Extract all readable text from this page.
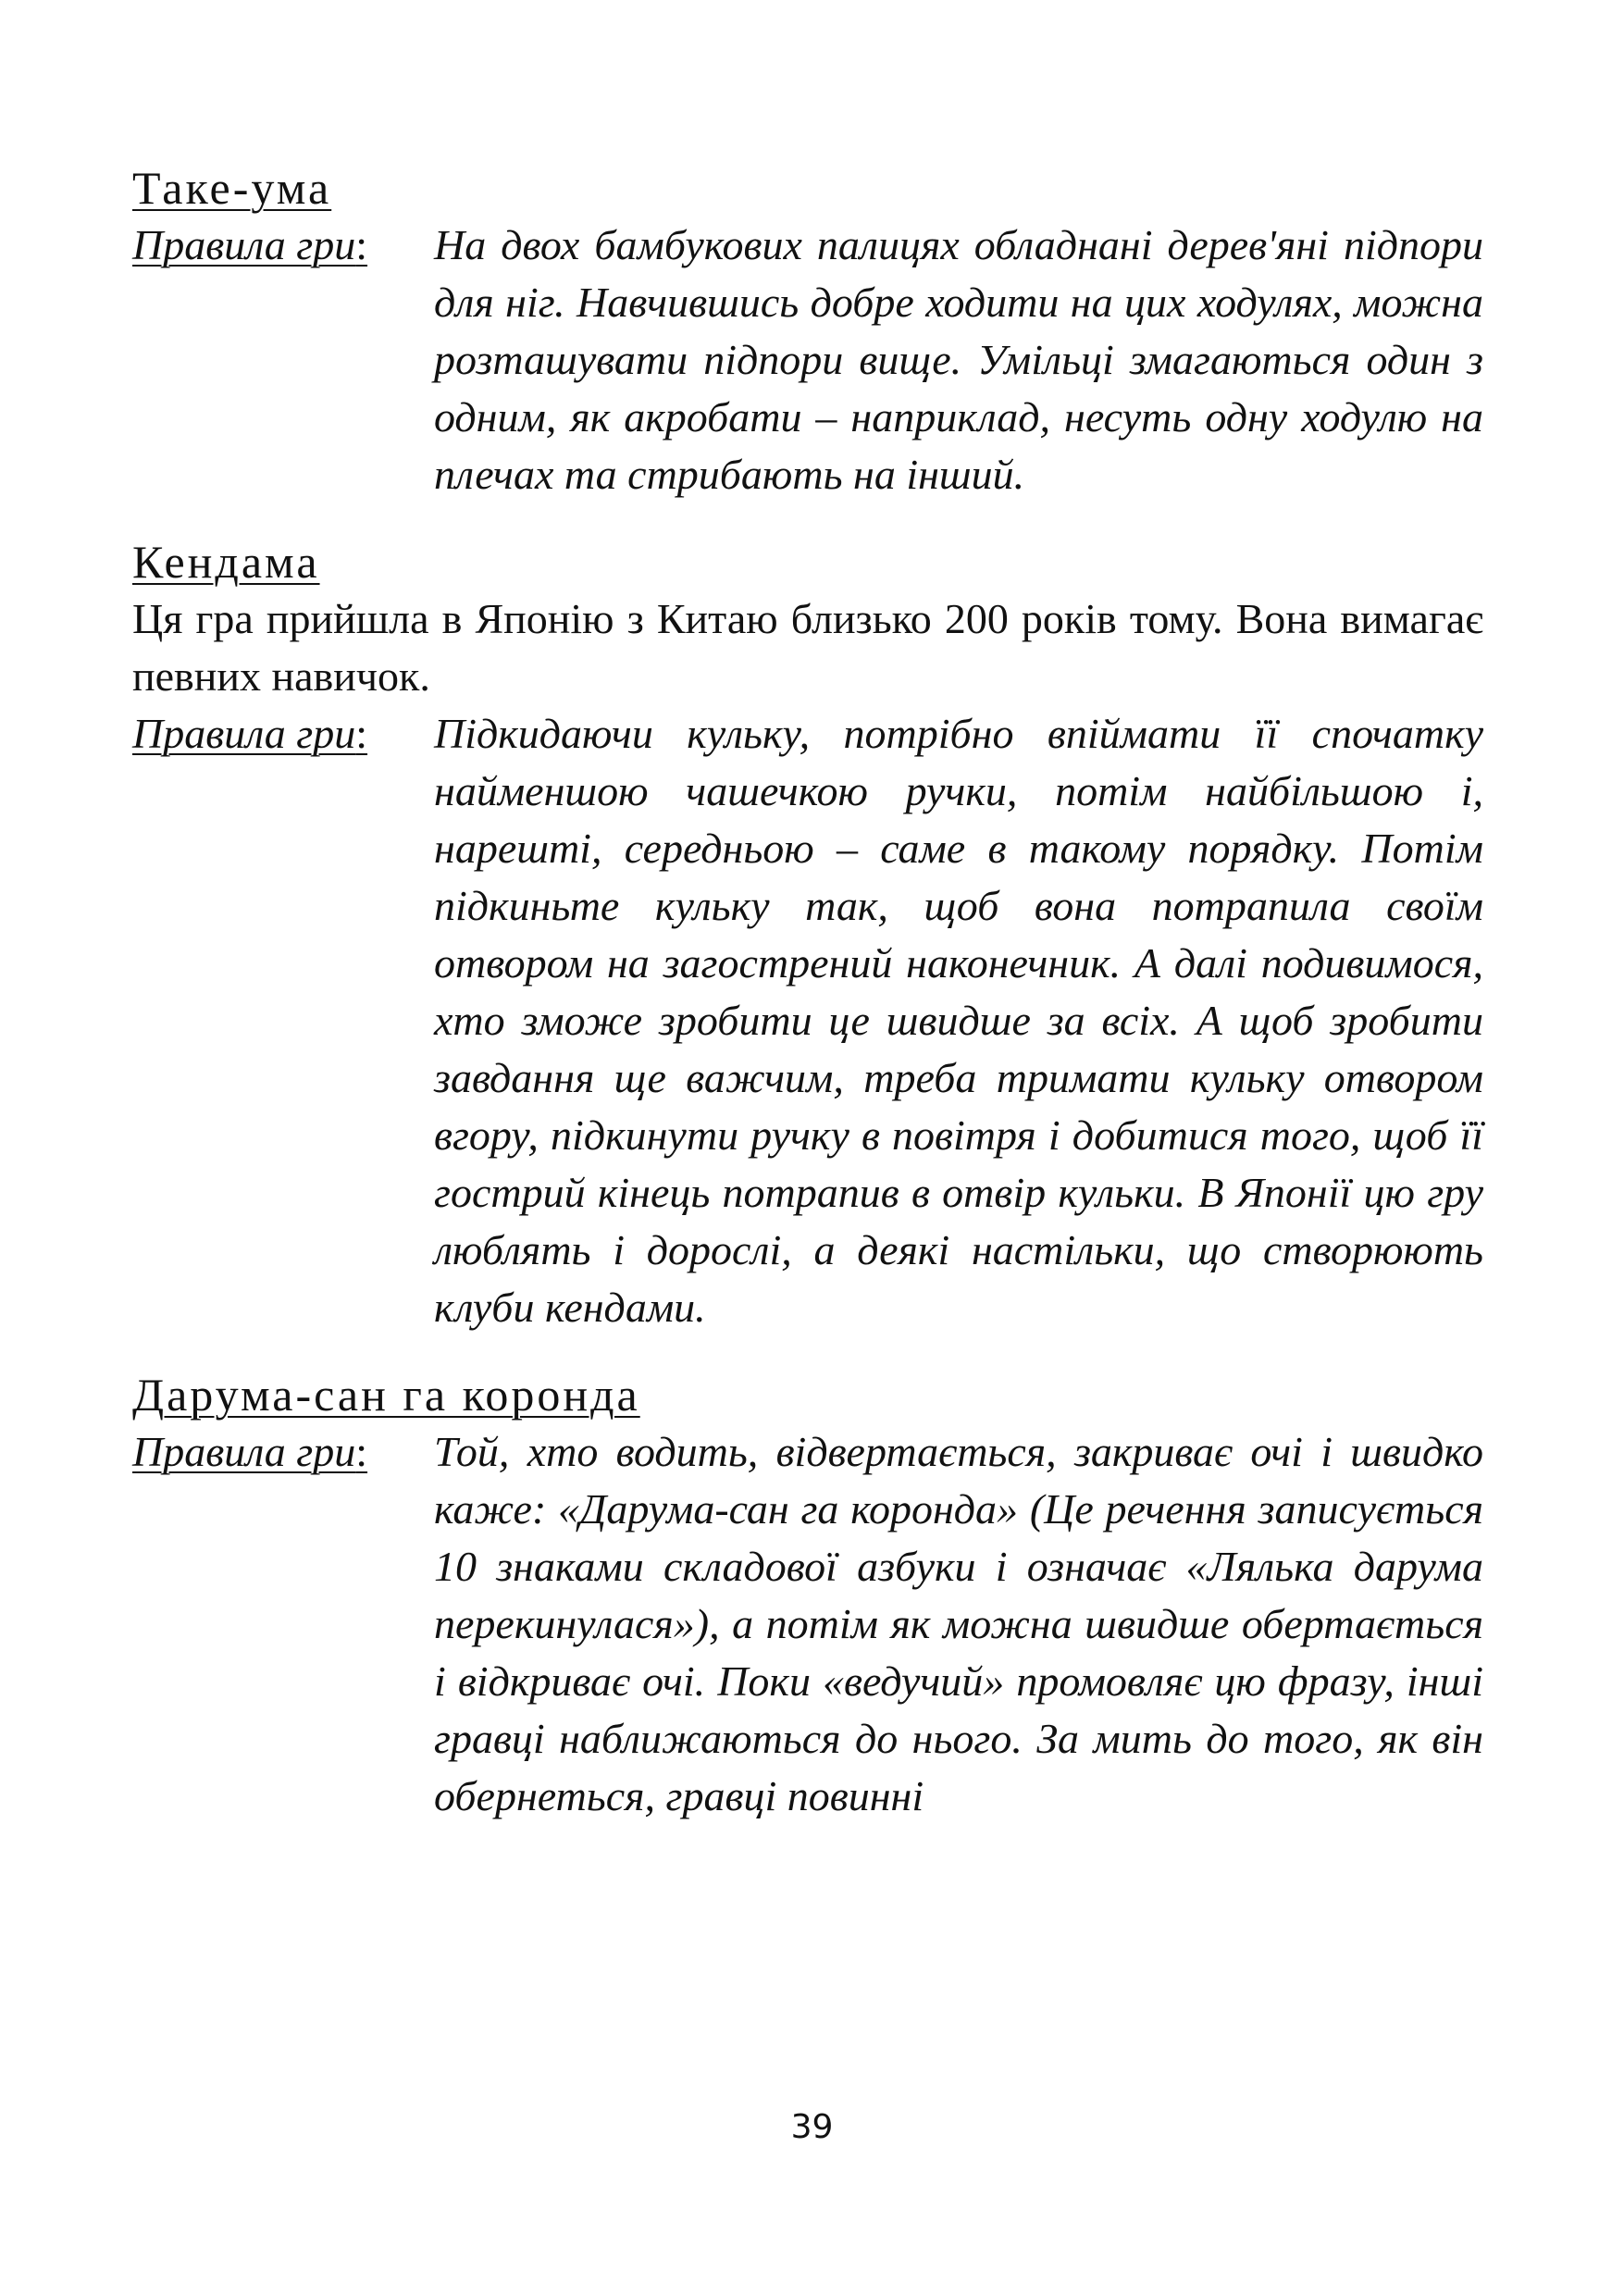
Таке-ума
Правила гри: На двох бамбукових палицях обладнані дерев'яні підпори для ніг. Навчившись добре ходити на цих ходулях, можна розташувати підпори вище. Умільці змагаються один з одним, як акробати – наприклад, несуть одну ходулю на плечах та стрибають на інший.
Кендама
Ця гра прийшла в Японію з Китаю близько 200 років тому. Вона вимагає певних навичок.
Правила гри: Підкидаючи кульку, потрібно впіймати її спочатку найменшою чашечкою ручки, потім найбільшою і, нарешті, середньою – саме в такому порядку. Потім підкиньте кульку так, щоб вона потрапила своїм отвором на загострений наконечник. А далі подивимося, хто зможе зробити це швидше за всіх. А щоб зробити завдання ще важчим, треба тримати кульку отвором вгору, підкинути ручку в повітря і добитися того, щоб її гострий кінець потрапив в отвір кульки. В Японії цю гру люблять і дорослі, а деякі настільки, що створюють клуби кендами.
Дарума-сан га коронда
Правила гри: Той, хто водить, відвертається, закриває очі і швидко каже: «Дарума-сан га коронда» (Це речення записується 10 знаками складової азбуки і означає «Лялька дарума перекинулася»), а потім як можна швидше обертається і відкриває очі. Поки «ведучий» промовляє цю фразу, інші гравці наближаються до нього. За мить до того, як він обернеться, гравці повинні
39
